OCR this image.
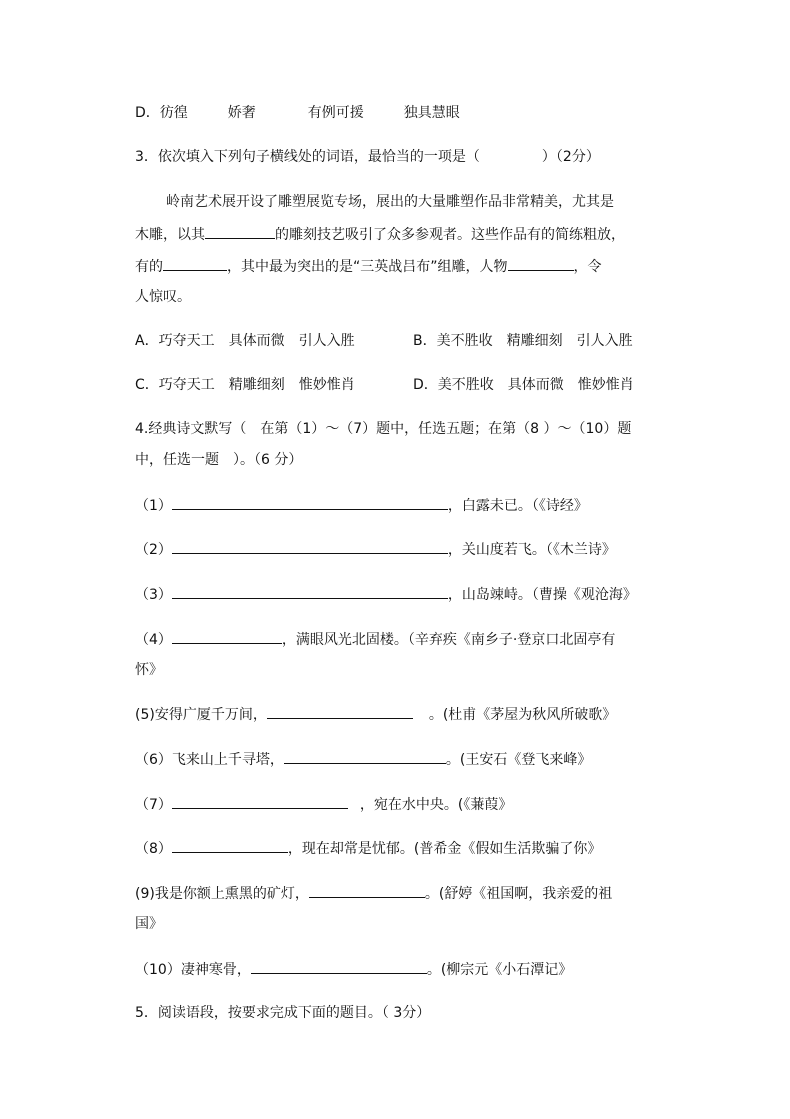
D．彷徨	娇奢	有例可援	独具慧眼
3．依次填入下列句子横线处的词语，最恰当的一项是（	）（2分）
岭南艺术展开设了雕塑展览专场，展出的大量雕塑作品非常精美，尤其是
木雕，以其	的雕刻技艺吸引了众多参观者。这些作品有的简练粗放，
有的	，其中最为突出的是“三英战吕布”组雕，人物	，令
人惊叹。
A．巧夺天工　具体而微　引人入胜	B．美不胜收　精雕细刻　引人入胜
C．巧夺天工　精雕细刻　惟妙惟肖	D．美不胜收　具体而微　惟妙惟肖
4.经典诗文默写（　在第（1）～（7）题中，任选五题；在第（8 ）～（10）题
中，任选一题　）。（6 分）
（1）	，白露未已。（《诗经》
（2）	，关山度若飞。（《木兰诗》
（3）	，山岛竦峙。（曹操《观沧海》
（4）	，满眼风光北固楼。（辛弃疾《南乡子·登京口北固亭有
怀》
(5)安得广厦千万间，	。(杜甫《茅屋为秋风所破歌》
（6）飞来山上千寻塔，	。(王安石《登飞来峰》
（7）	，宛在水中央。(《蒹葭》
（8）	，现在却常是忧郁。(普希金《假如生活欺骗了你》
(9)我是你额上熏黑的矿灯，	。(舒婷《祖国啊，我亲爱的祖
国》
（10）凄神寒骨，	。(柳宗元《小石潭记》
5．阅读语段，按要求完成下面的题目。（ 3分）
